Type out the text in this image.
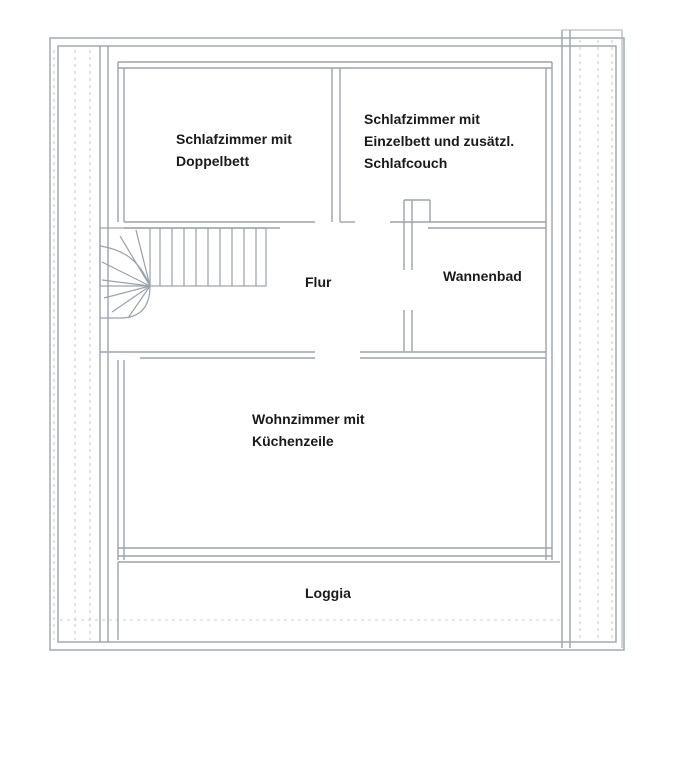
Schlafzimmer mit
Doppelbett
Schlafzimmer mit
Einzelbett und zusätzl.
Schlafcouch
Flur	Wannenbad
Wohnzimmer mit
Küchenzeile
Loggia
